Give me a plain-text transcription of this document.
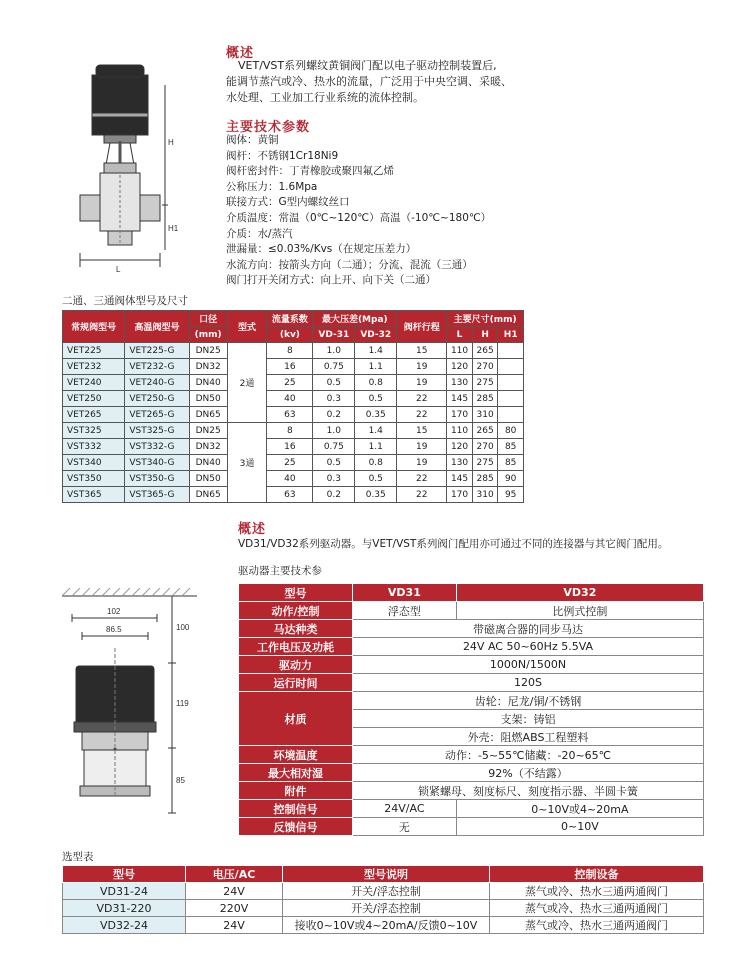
H
H1
L
概述
VET/VST系列螺纹黄铜阀门配以电子驱动控制装置后,
能调节蒸汽或冷、热水的流量，广泛用于中央空调、采暖、
水处理、工业加工行业系统的流体控制。
主要技术参数
阀体：黄铜
阀杆：不锈钢1Cr18Ni9
阀杆密封件：丁青橡胶或聚四氟乙烯
公称压力：1.6Mpa
联接方式：G型内螺纹丝口
介质温度：常温（0℃~120℃）高温（-10℃~180℃）
介质：水/蒸汽
泄漏量：≤0.03%/Kvs（在规定压差力）
水流方向：按箭头方向（二通）；分流、混流（三通）
阀门打开关闭方式：向上开、向下关（二通）
二通、三通阀体型号及尺寸
常规阀型号	高温阀型号	口径	型式	流量系数	最大压差(Mpa)		阀杆行程	主要尺寸(mm)		
		(mm)		(kv)	VD-31	VD-32		L	H	H1
VET225	VET225-G	DN25	2通	8	1.0	1.4	15	110	265	
VET232	VET232-G	DN32		16	0.75	1.1	19	120	270	
VET240	VET240-G	DN40		25	0.5	0.8	19	130	275	
VET250	VET250-G	DN50		40	0.3	0.5	22	145	285	
VET265	VET265-G	DN65		63	0.2	0.35	22	170	310	
VST325	VST325-G	DN25	3通	8	1.0	1.4	15	110	265	80
VST332	VST332-G	DN32		16	0.75	1.1	19	120	270	85
VST340	VST340-G	DN40		25	0.5	0.8	19	130	275	85
VST350	VST350-G	DN50		40	0.3	0.5	22	145	285	90
VST365	VST365-G	DN65		63	0.2	0.35	22	170	310	95
概述
VD31/VD32系列驱动器。与VET/VST系列阀门配用亦可通过不同的连接器与其它阀门配用。
驱动器主要技术参
102
86.5	100
119
85
型号	VD31	VD32
动作/控制	浮态型	比例式控制
马达种类	带磁离合器的同步马达	
工作电压及功耗	24V AC 50~60Hz 5.5VA	
驱动力	1000N/1500N	
运行时间	120S	
材质	齿轮：尼龙/铜/不锈钢	
	支架：铸铝	
	外壳：阻燃ABS工程塑料	
环境温度	动作：-5~55℃储藏：-20~65℃	
最大相对湿	92%（不结露）	
附件	锁紧螺母、刻度标尺、刻度指示器、半圆卡簧	
控制信号	24V/AC	0~10V或4~20mA
反馈信号	无	0~10V
选型表
型号	电压/AC	型号说明	控制设备
VD31-24	24V	开关/浮态控制	蒸气或冷、热水三通两通阀门
VD31-220	220V	开关/浮态控制	蒸气或冷、热水三通两通阀门
VD32-24	24V	接收0~10V或4~20mA/反馈0~10V	蒸气或冷、热水三通两通阀门
